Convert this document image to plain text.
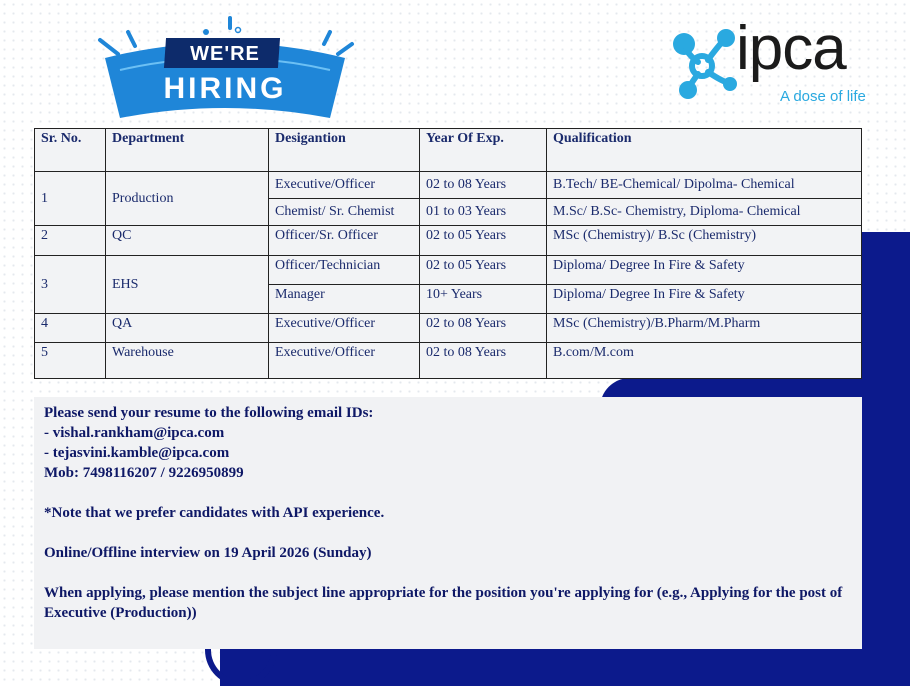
WE'RE
HIRING
ipca
A dose of life
Sr. No.	Department	Desigantion	Year Of Exp.	Qualification
1	Production	Executive/Officer	02 to 08 Years	B.Tech/ BE-Chemical/ Dipolma- Chemical
		Chemist/ Sr. Chemist	01 to 03 Years	M.Sc/ B.Sc- Chemistry, Diploma- Chemical
2	QC	Officer/Sr. Officer	02 to 05 Years	MSc (Chemistry)/ B.Sc (Chemistry)
3	EHS	Officer/Technician	02 to 05 Years	Diploma/ Degree In Fire & Safety
		Manager	10+ Years	Diploma/ Degree In Fire & Safety
4	QA	Executive/Officer	02 to 08 Years	MSc (Chemistry)/B.Pharm/M.Pharm
5	Warehouse	Executive/Officer	02 to 08 Years	B.com/M.com

Please send your resume to the following email IDs:

- vishal.rankham@ipca.com

- tejasvini.kamble@ipca.com

Mob: 7498116207 / 9226950899

*Note that we prefer candidates with API experience.

Online/Offline interview on 19 April 2026 (Sunday)

When applying, please mention the subject line appropriate for the position you're applying for (e.g., Applying for the post of Executive (Production))
